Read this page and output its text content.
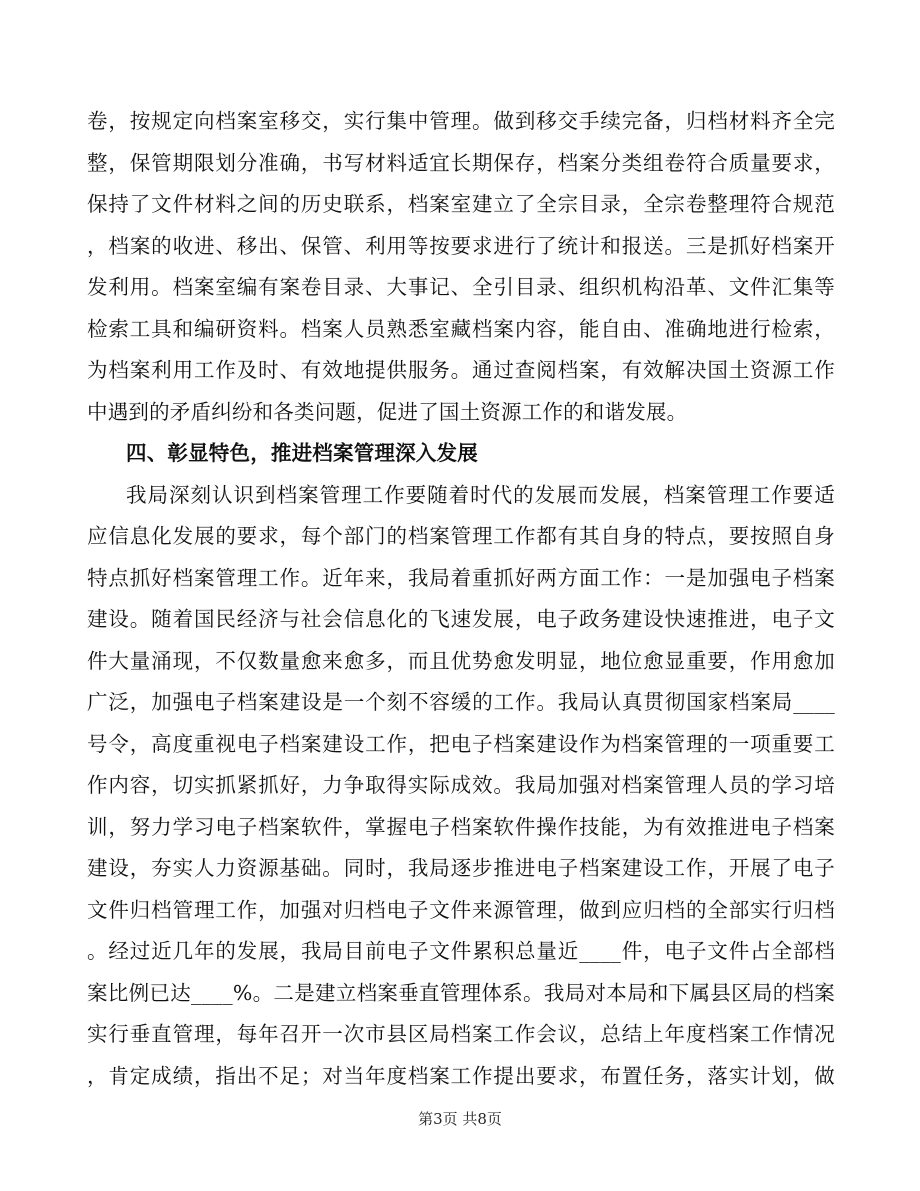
卷，按规定向档案室移交，实行集中管理。做到移交手续完备，归档材料齐全完
整，保管期限划分准确，书写材料适宜长期保存，档案分类组卷符合质量要求，
保持了文件材料之间的历史联系，档案室建立了全宗目录，全宗卷整理符合规范
，档案的收进、移出、保管、利用等按要求进行了统计和报送。三是抓好档案开
发利用。档案室编有案卷目录、大事记、全引目录、组织机构沿革、文件汇集等
检索工具和编研资料。档案人员熟悉室藏档案内容，能自由、准确地进行检索，
为档案利用工作及时、有效地提供服务。通过查阅档案，有效解决国土资源工作
中遇到的矛盾纠纷和各类问题，促进了国土资源工作的和谐发展。
四、彰显特色，推进档案管理深入发展
我局深刻认识到档案管理工作要随着时代的发展而发展，档案管理工作要适
应信息化发展的要求，每个部门的档案管理工作都有其自身的特点，要按照自身
特点抓好档案管理工作。近年来，我局着重抓好两方面工作：一是加强电子档案
建设。随着国民经济与社会信息化的飞速发展，电子政务建设快速推进，电子文
件大量涌现，不仅数量愈来愈多，而且优势愈发明显，地位愈显重要，作用愈加
广泛，加强电子档案建设是一个刻不容缓的工作。我局认真贯彻国家档案局____
号令，高度重视电子档案建设工作，把电子档案建设作为档案管理的一项重要工
作内容，切实抓紧抓好，力争取得实际成效。我局加强对档案管理人员的学习培
训，努力学习电子档案软件，掌握电子档案软件操作技能，为有效推进电子档案
建设，夯实人力资源基础。同时，我局逐步推进电子档案建设工作，开展了电子
文件归档管理工作，加强对归档电子文件来源管理，做到应归档的全部实行归档
。经过近几年的发展，我局目前电子文件累积总量近____件，电子文件占全部档
案比例已达____%。二是建立档案垂直管理体系。我局对本局和下属县区局的档案
实行垂直管理，每年召开一次市县区局档案工作会议，总结上年度档案工作情况
，肯定成绩，指出不足；对当年度档案工作提出要求，布置任务，落实计划，做
第3页 共8页
